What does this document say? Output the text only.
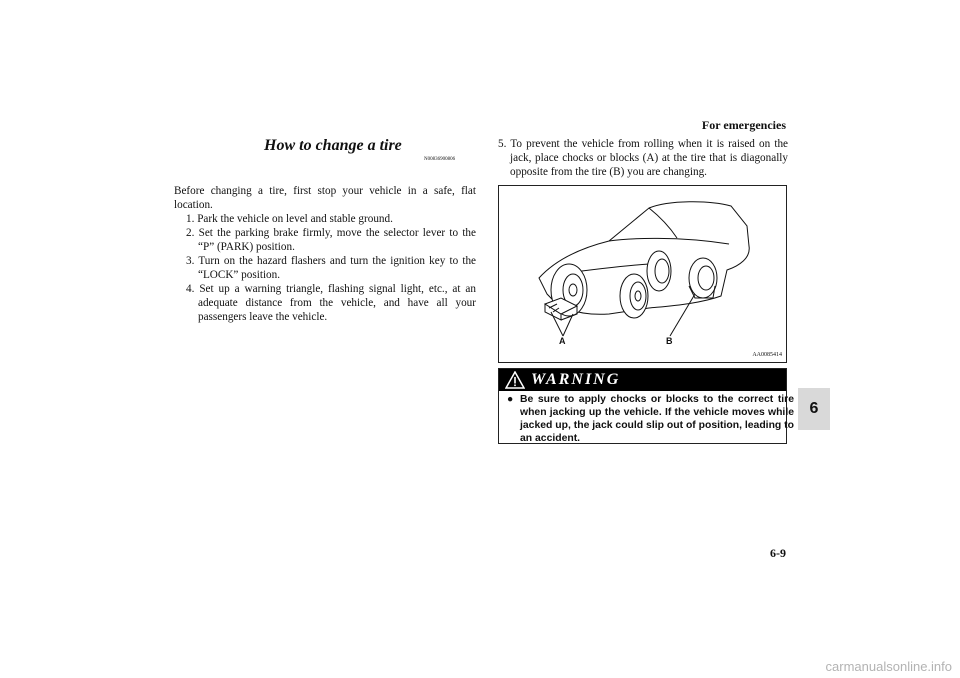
For emergencies
6
6-9
How to change a tire
N00836900806

Before changing a tire, first stop your vehicle in a safe, flat location.

1. Park the vehicle on level and stable ground.
2. Set the parking brake firmly, move the selector lever to the “P” (PARK) position.
3. Turn on the hazard flashers and turn the ignition key to the “LOCK” position.
4. Set up a warning triangle, flashing signal light, etc., at an adequate distance from the vehicle, and have all your passengers leave the vehicle.

5. To prevent the vehicle from rolling when it is raised on the jack, place chocks or blocks (A) at the tire that is diagonally opposite from the tire (B) you are changing.

A	B
AA0085414
WARNING

● Be sure to apply chocks or blocks to the correct tire when jacking up the vehicle. If the vehicle moves while jacked up, the jack could slip out of position, leading to an accident.

carmanualsonline.info
